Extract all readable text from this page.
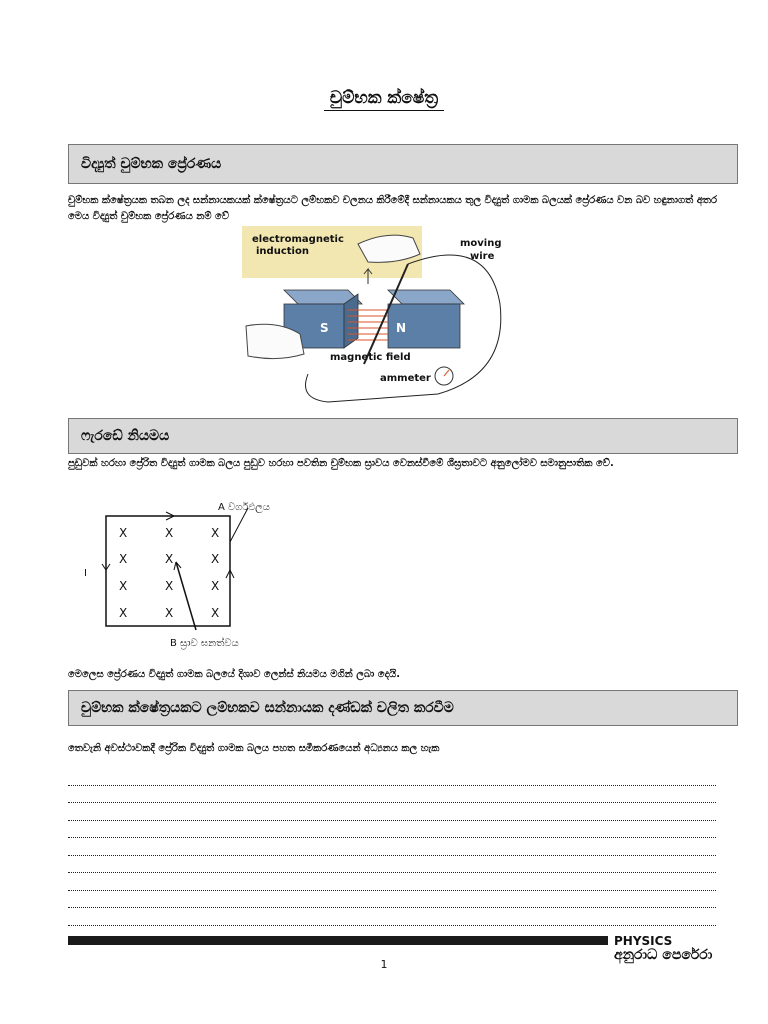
චුම්භක ක්ෂේත්‍ර
විද්‍යුත් චුම්භක ප්‍රේරණය
චුම්භක ක්ෂේත්‍රයක තබන ලද සන්නායකයක් ක්ෂේත්‍රයට ලම්භකව චලනය කිරීමේදී සන්නායකය තුල විද්‍යුත් ගාමක බලයක් ප්‍රේරණය වන බව හඳුනාගත් අතර මෙය විද්‍යුත් චුම්භක ප්‍රේරණය නම් වේ
S	N
electromagnetic
induction
moving
wire
magnetic field
ammeter
ෆැරඩේ නියමය
පුඩුවක් හරහා ප්‍රේරිත විද්‍යුත් ගාමක බලය පුඩුව හරහා පවතින චුම්භක ස්‍රාවය වෙනස්වීමේ ශීඝ්‍රතාවට අනුලෝමව සමානුපාතික වේ.
X	X	X
X	X	X
X	X	X
X	X	X
A වර්ගඵලය
B ස්‍රාව ඝනත්වය
I
මෙලෙස ප්‍රේරණය විද්‍යුත් ගාමක බලයේ දිශාව ලෙන්ස් නියමය මගින් ලබා දෙයි.
චුම්භක ක්ෂේත්‍රයකට ලම්භකව සන්නායක දණ්ඩක් චලිත කරවීම
තෙවැනි අවස්ථාවකදී ප්‍රේරික විද්‍යුත් ගාමක බලය පහත සමීකරණයෙන් අධ්‍යනය කල හැක
PHYSICS
අනුරාධ පෙරේරා
1
